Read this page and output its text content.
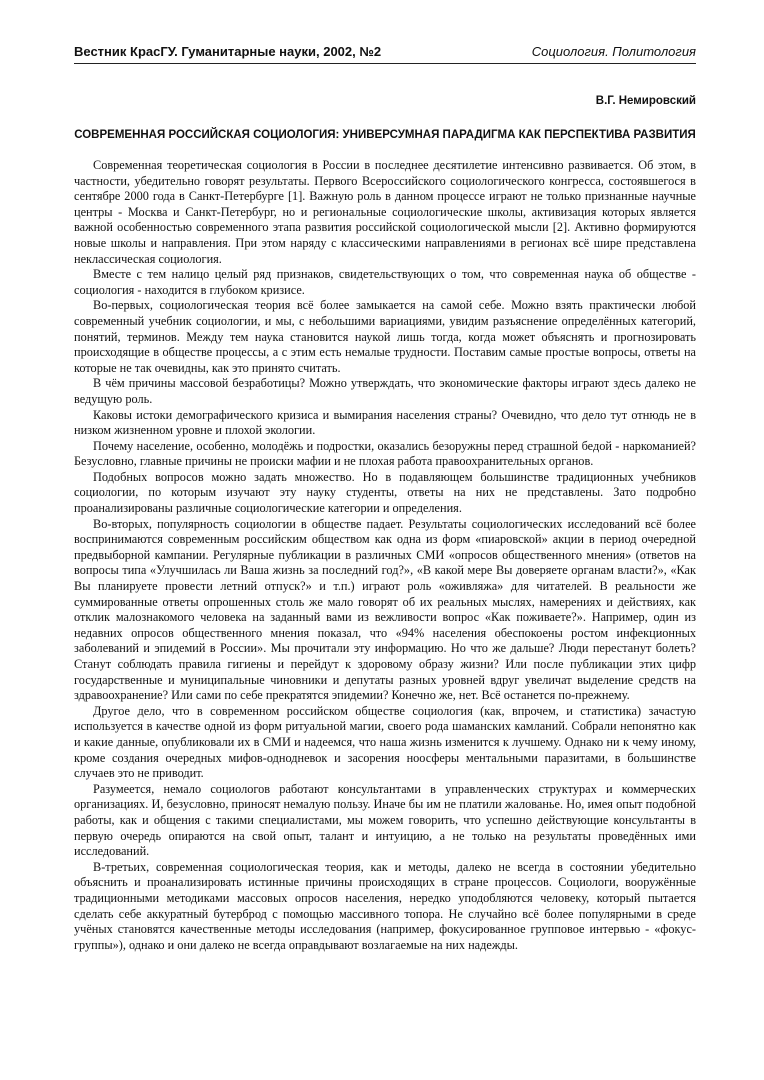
Вестник КрасГУ. Гуманитарные науки, 2002, №2	Социология. Политология
В.Г. Немировский
СОВРЕМЕННАЯ РОССИЙСКАЯ СОЦИОЛОГИЯ: УНИВЕРСУМНАЯ ПАРАДИГМА КАК ПЕРСПЕКТИВА РАЗВИТИЯ

Современная теоретическая социология в России в последнее десятилетие интенсивно развивается. Об этом, в частности, убедительно говорят результаты. Первого Всероссийского социологического конгресса, состоявшегося в сентябре 2000 года в Санкт-Петербурге [1]. Важную роль в данном процессе играют не только признанные научные центры - Москва и Санкт-Петербург, но и региональные социологические школы, активизация которых является важной особенностью современного этапа развития российской социологической мысли [2]. Активно формируются новые школы и направления. При этом наряду с классическими направлениями в регионах всё шире представлена неклассическая социология.

Вместе с тем налицо целый ряд признаков, свидетельствующих о том, что современная наука об обществе - социология - находится в глубоком кризисе.

Во-первых, социологическая теория всё более замыкается на самой себе. Можно взять практически любой современный учебник социологии, и мы, с небольшими вариациями, увидим разъяснение определённых категорий, понятий, терминов. Между тем наука становится наукой лишь тогда, когда может объяснять и прогнозировать происходящие в обществе процессы, а с этим есть немалые трудности. Поставим самые простые вопросы, ответы на которые не так очевидны, как это принято считать.

В чём причины массовой безработицы? Можно утверждать, что экономические факторы играют здесь далеко не ведущую роль.

Каковы истоки демографического кризиса и вымирания населения страны? Очевидно, что дело тут отнюдь не в низком жизненном уровне и плохой экологии.

Почему население, особенно, молодёжь и подростки, оказались безоружны перед страшной бедой - наркоманией? Безусловно, главные причины не происки мафии и не плохая работа правоохранительных органов.

Подобных вопросов можно задать множество. Но в подавляющем большинстве традиционных учебников социологии, по которым изучают эту науку студенты, ответы на них не представлены. Зато подробно проанализированы различные социологические категории и определения.

Во-вторых, популярность социологии в обществе падает. Результаты социологических исследований всё более воспринимаются современным российским обществом как одна из форм «пиаровской» акции в период очередной предвыборной кампании. Регулярные публикации в различных СМИ «опросов общественного мнения» (ответов на вопросы типа «Улучшилась ли Ваша жизнь за последний год?», «В какой мере Вы доверяете органам власти?», «Как Вы планируете провести летний отпуск?» и т.п.) играют роль «оживляжа» для читателей. В реальности же суммированные ответы опрошенных столь же мало говорят об их реальных мыслях, намерениях и действиях, как отклик малознакомого человека на заданный вами из вежливости вопрос «Как поживаете?». Например, один из недавних опросов общественного мнения показал, что «94% населения обеспокоены ростом инфекционных заболеваний и эпидемий в России». Мы прочитали эту информацию. Но что же дальше? Люди перестанут болеть? Станут соблюдать правила гигиены и перейдут к здоровому образу жизни? Или после публикации этих цифр государственные и муниципальные чиновники и депутаты разных уровней вдруг увеличат выделение средств на здравоохранение? Или сами по себе прекратятся эпидемии? Конечно же, нет. Всё останется по-прежнему.

Другое дело, что в современном российском обществе социология (как, впрочем, и статистика) зачастую используется в качестве одной из форм ритуальной магии, своего рода шаманских камланий. Собрали непонятно как и какие данные, опубликовали их в СМИ и надеемся, что наша жизнь изменится к лучшему. Однако ни к чему иному, кроме создания очередных мифов-однодневок и засорения ноосферы ментальными паразитами, в большинстве случаев это не приводит.

Разумеется, немало социологов работают консультантами в управленческих структурах и коммерческих организациях. И, безусловно, приносят немалую пользу. Иначе бы им не платили жалованье. Но, имея опыт подобной работы, как и общения с такими специалистами, мы можем говорить, что успешно действующие консультанты в первую очередь опираются на свой опыт, талант и интуицию, а не только на результаты проведённых ими исследований.

В-третьих, современная социологическая теория, как и методы, далеко не всегда в состоянии убедительно объяснить и проанализировать истинные причины происходящих в стране процессов. Социологи, вооружённые традиционными методиками массовых опросов населения, нередко уподобляются человеку, который пытается сделать себе аккуратный бутерброд с помощью массивного топора. Не случайно всё более популярными в среде учёных становятся качественные методы исследования (например, фокусированное групповое интервью - «фокус-группы»), однако и они далеко не всегда оправдывают возлагаемые на них надежды.
